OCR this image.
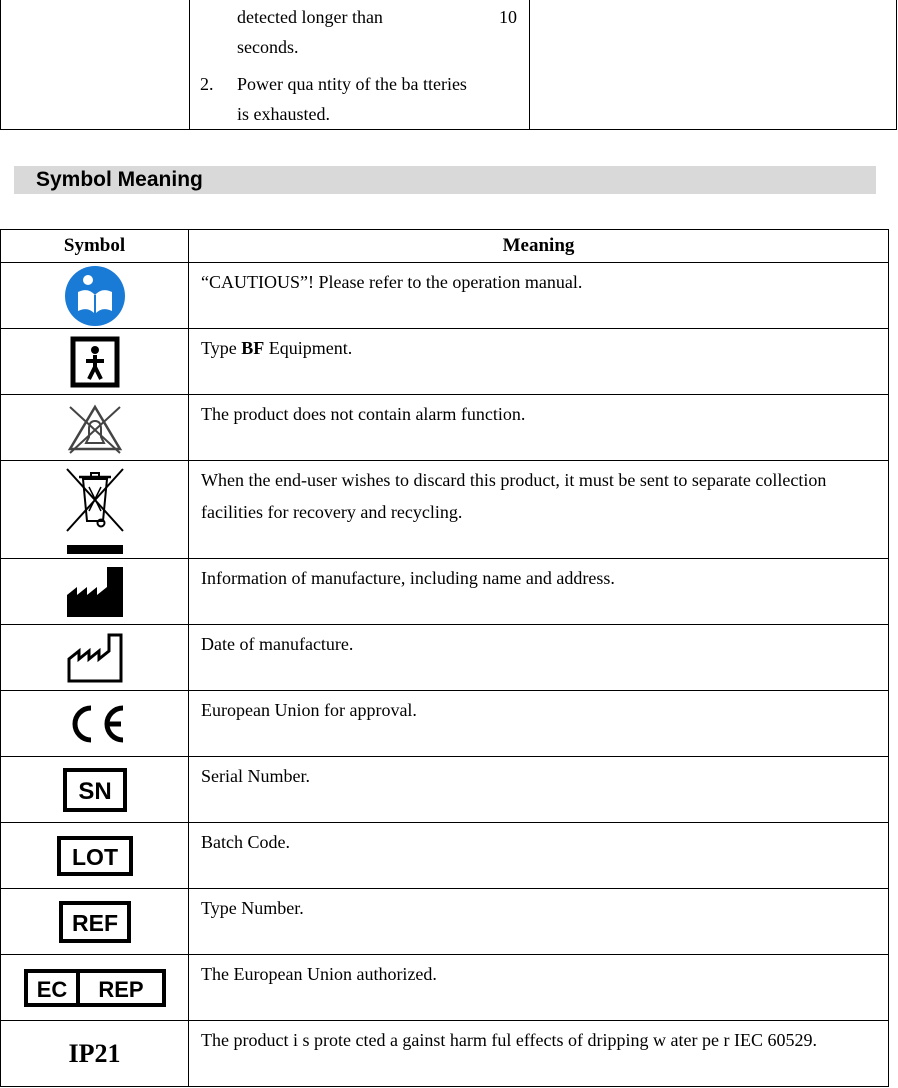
detected longer than	10
seconds.
2. Power qua ntity of the ba tteries
is exhausted.
Symbol Meaning
Symbol	Meaning
	“CAUTIOUS”! Please refer to the operation manual.
	Type BF Equipment.
	The product does not contain alarm function.
	When the end-user wishes to discard this product, it must be sent to separate collection facilities for recovery and recycling.
	Information of manufacture, including name and address.
	Date of manufacture.
	European Union for approval.

SN	Serial Number.

LOT	Batch Code.

REF	Type Number.

EC REP	The European Union authorized.
IP21	The product i s prote cted a gainst harm ful effects of dripping w ater pe r IEC 60529.
